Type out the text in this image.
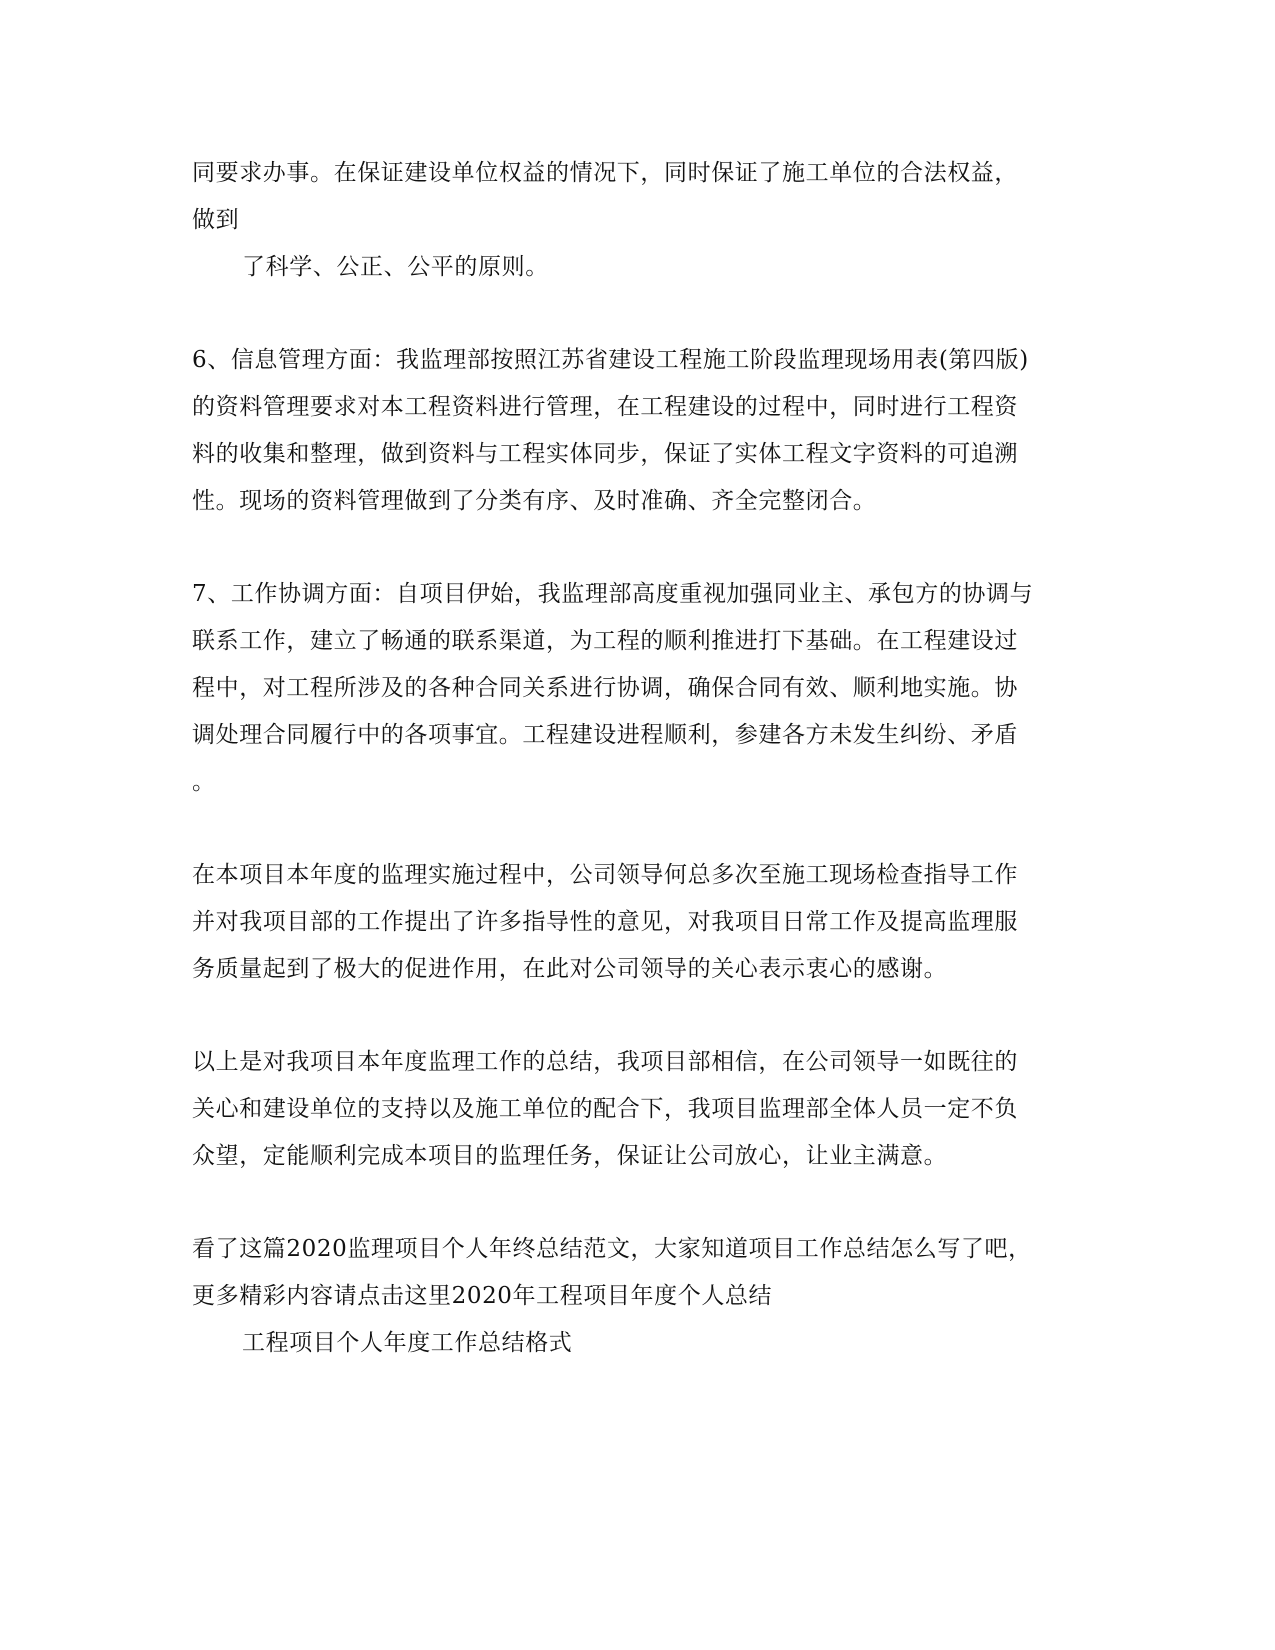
同要求办事。在保证建设单位权益的情况下，同时保证了施工单位的合法权益，
做到
了科学、公正、公平的原则。
6、信息管理方面：我监理部按照江苏省建设工程施工阶段监理现场用表(第四版)
的资料管理要求对本工程资料进行管理，在工程建设的过程中，同时进行工程资
料的收集和整理，做到资料与工程实体同步，保证了实体工程文字资料的可追溯
性。现场的资料管理做到了分类有序、及时准确、齐全完整闭合。
7、工作协调方面：自项目伊始，我监理部高度重视加强同业主、承包方的协调与
联系工作，建立了畅通的联系渠道，为工程的顺利推进打下基础。在工程建设过
程中，对工程所涉及的各种合同关系进行协调，确保合同有效、顺利地实施。协
调处理合同履行中的各项事宜。工程建设进程顺利，参建各方未发生纠纷、矛盾
。
在本项目本年度的监理实施过程中，公司领导何总多次至施工现场检查指导工作
并对我项目部的工作提出了许多指导性的意见，对我项目日常工作及提高监理服
务质量起到了极大的促进作用，在此对公司领导的关心表示衷心的感谢。
以上是对我项目本年度监理工作的总结，我项目部相信，在公司领导一如既往的
关心和建设单位的支持以及施工单位的配合下，我项目监理部全体人员一定不负
众望，定能顺利完成本项目的监理任务，保证让公司放心，让业主满意。
看了这篇2020监理项目个人年终总结范文，大家知道项目工作总结怎么写了吧，
更多精彩内容请点击这里2020年工程项目年度个人总结
工程项目个人年度工作总结格式
